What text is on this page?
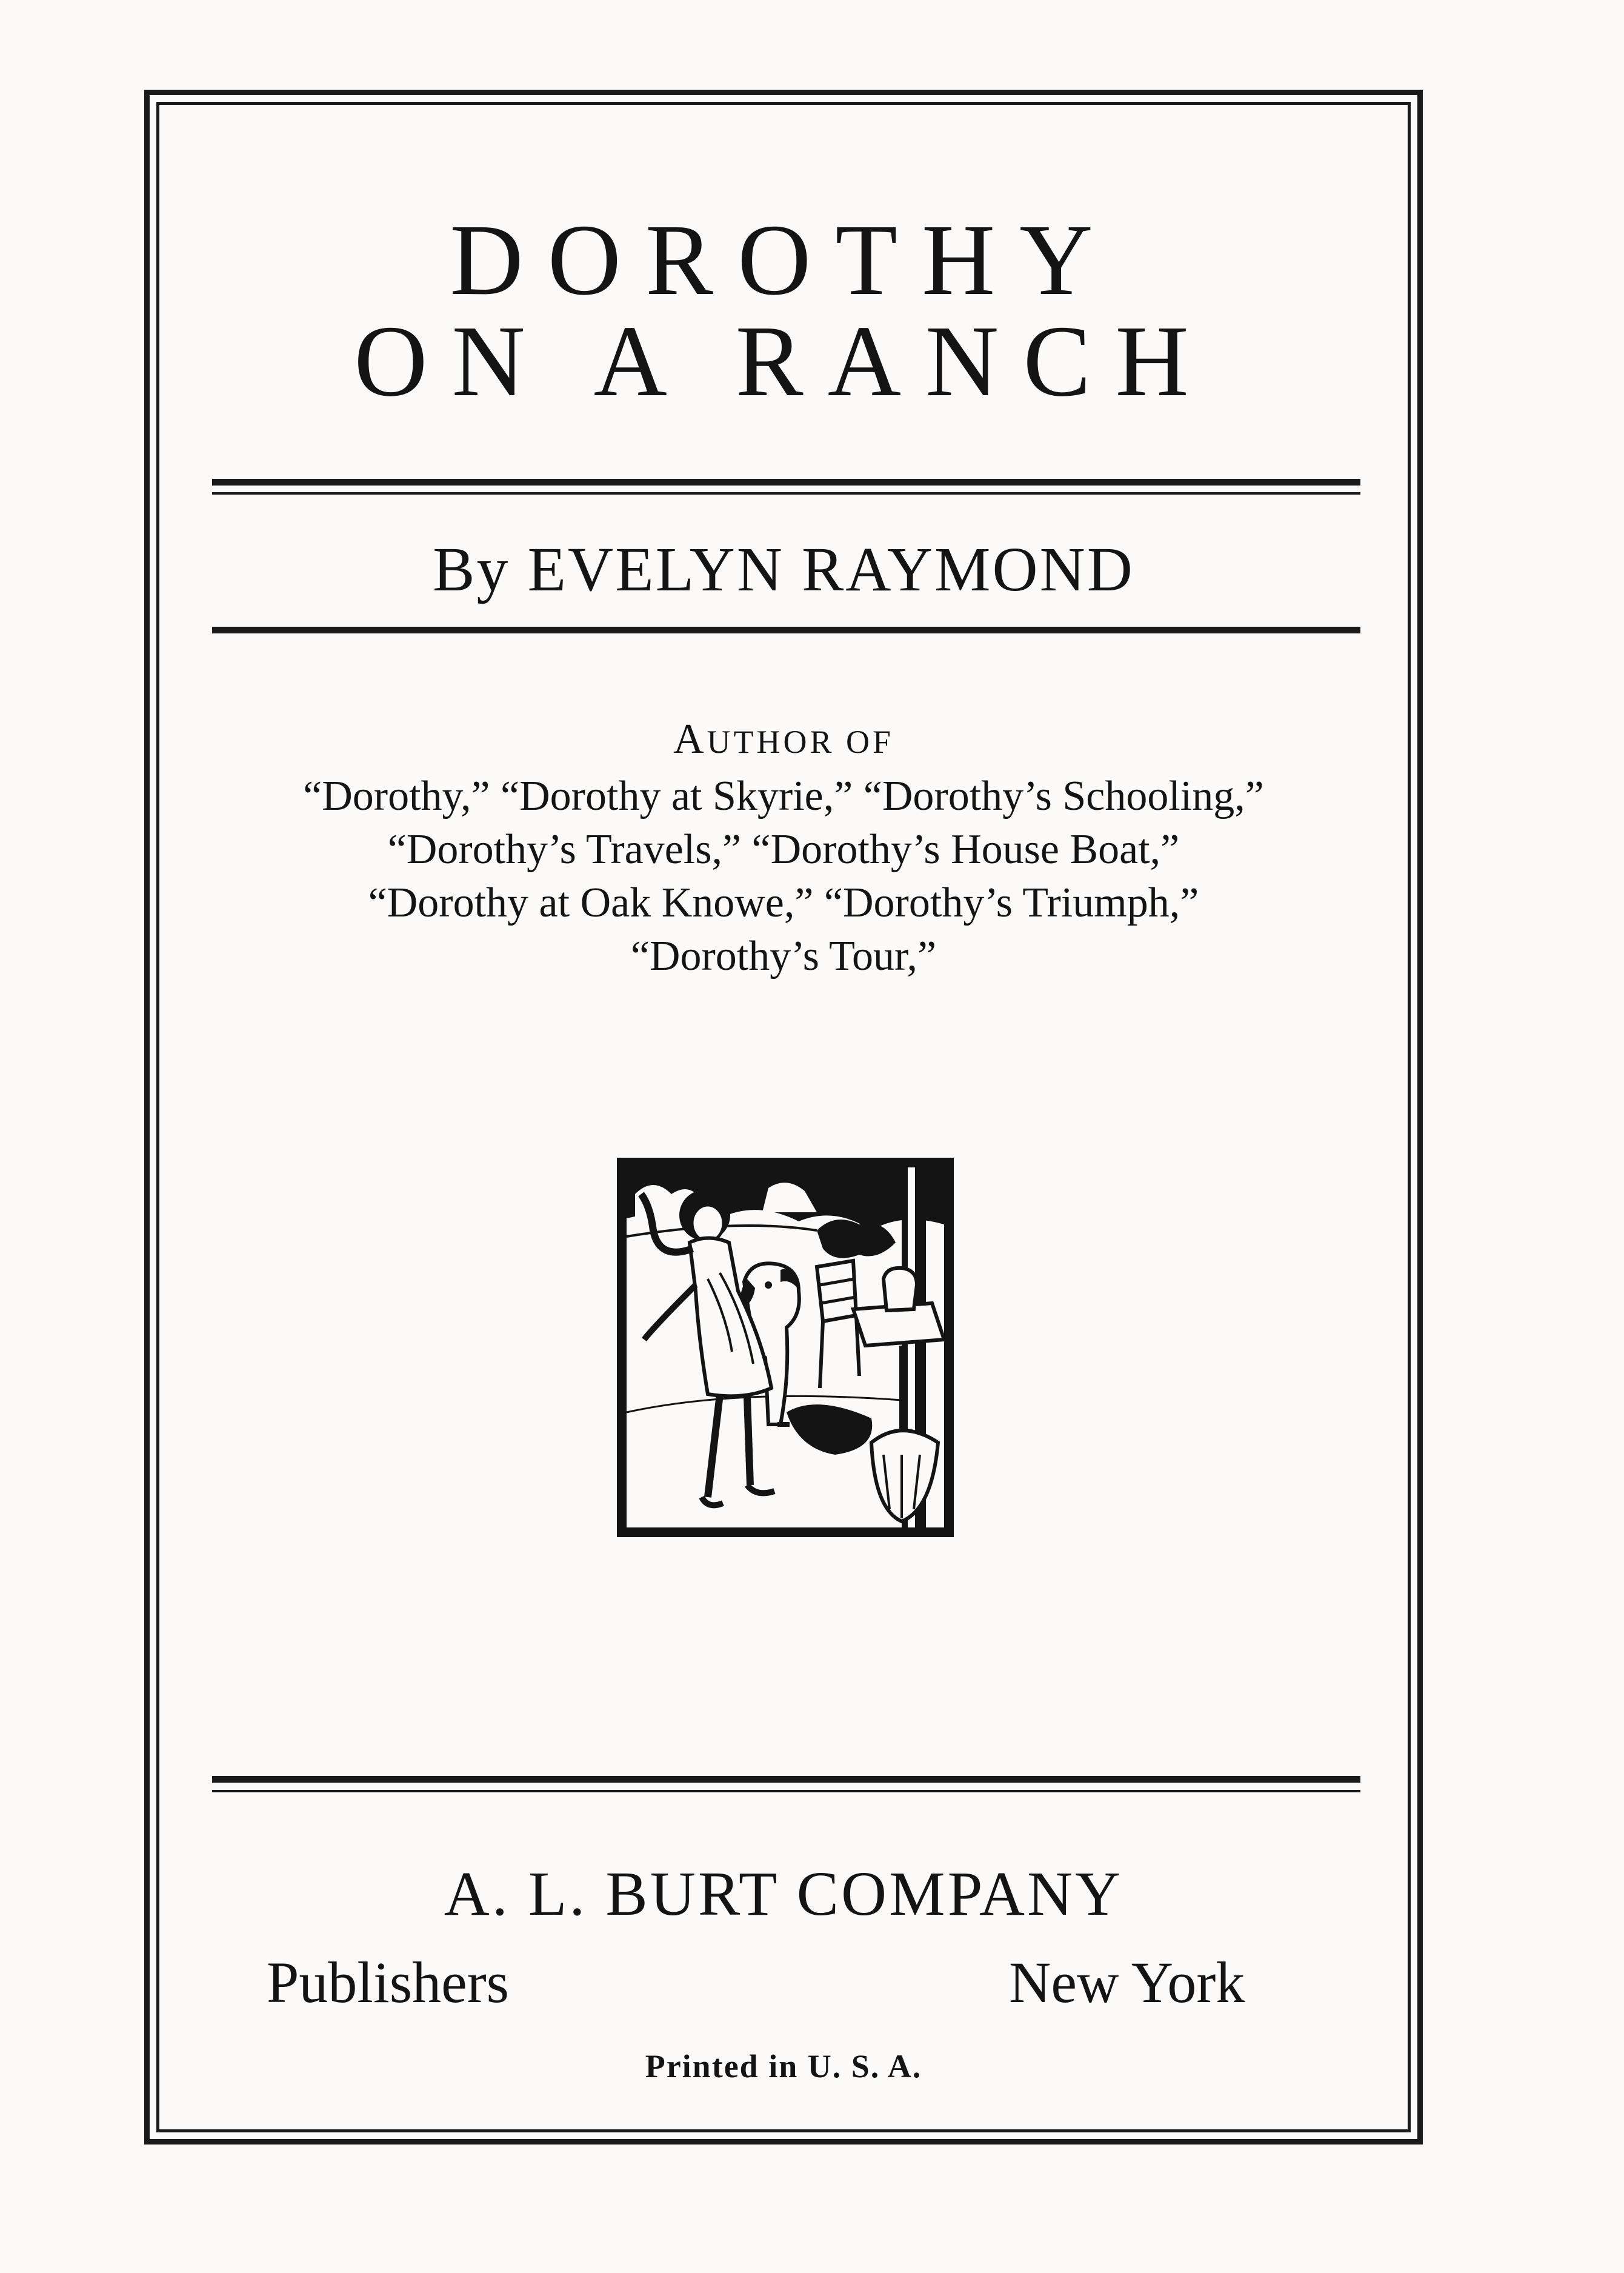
DOROTHY
ON A RANCH
By EVELYN RAYMOND
AUTHOR OF
“Dorothy,” “Dorothy at Skyrie,” “Dorothy’s Schooling,”
“Dorothy’s Travels,” “Dorothy’s House Boat,”
“Dorothy at Oak Knowe,” “Dorothy’s Triumph,”
“Dorothy’s Tour,”
A. L. BURT COMPANY
Publishers	New York
Printed in U. S. A.
